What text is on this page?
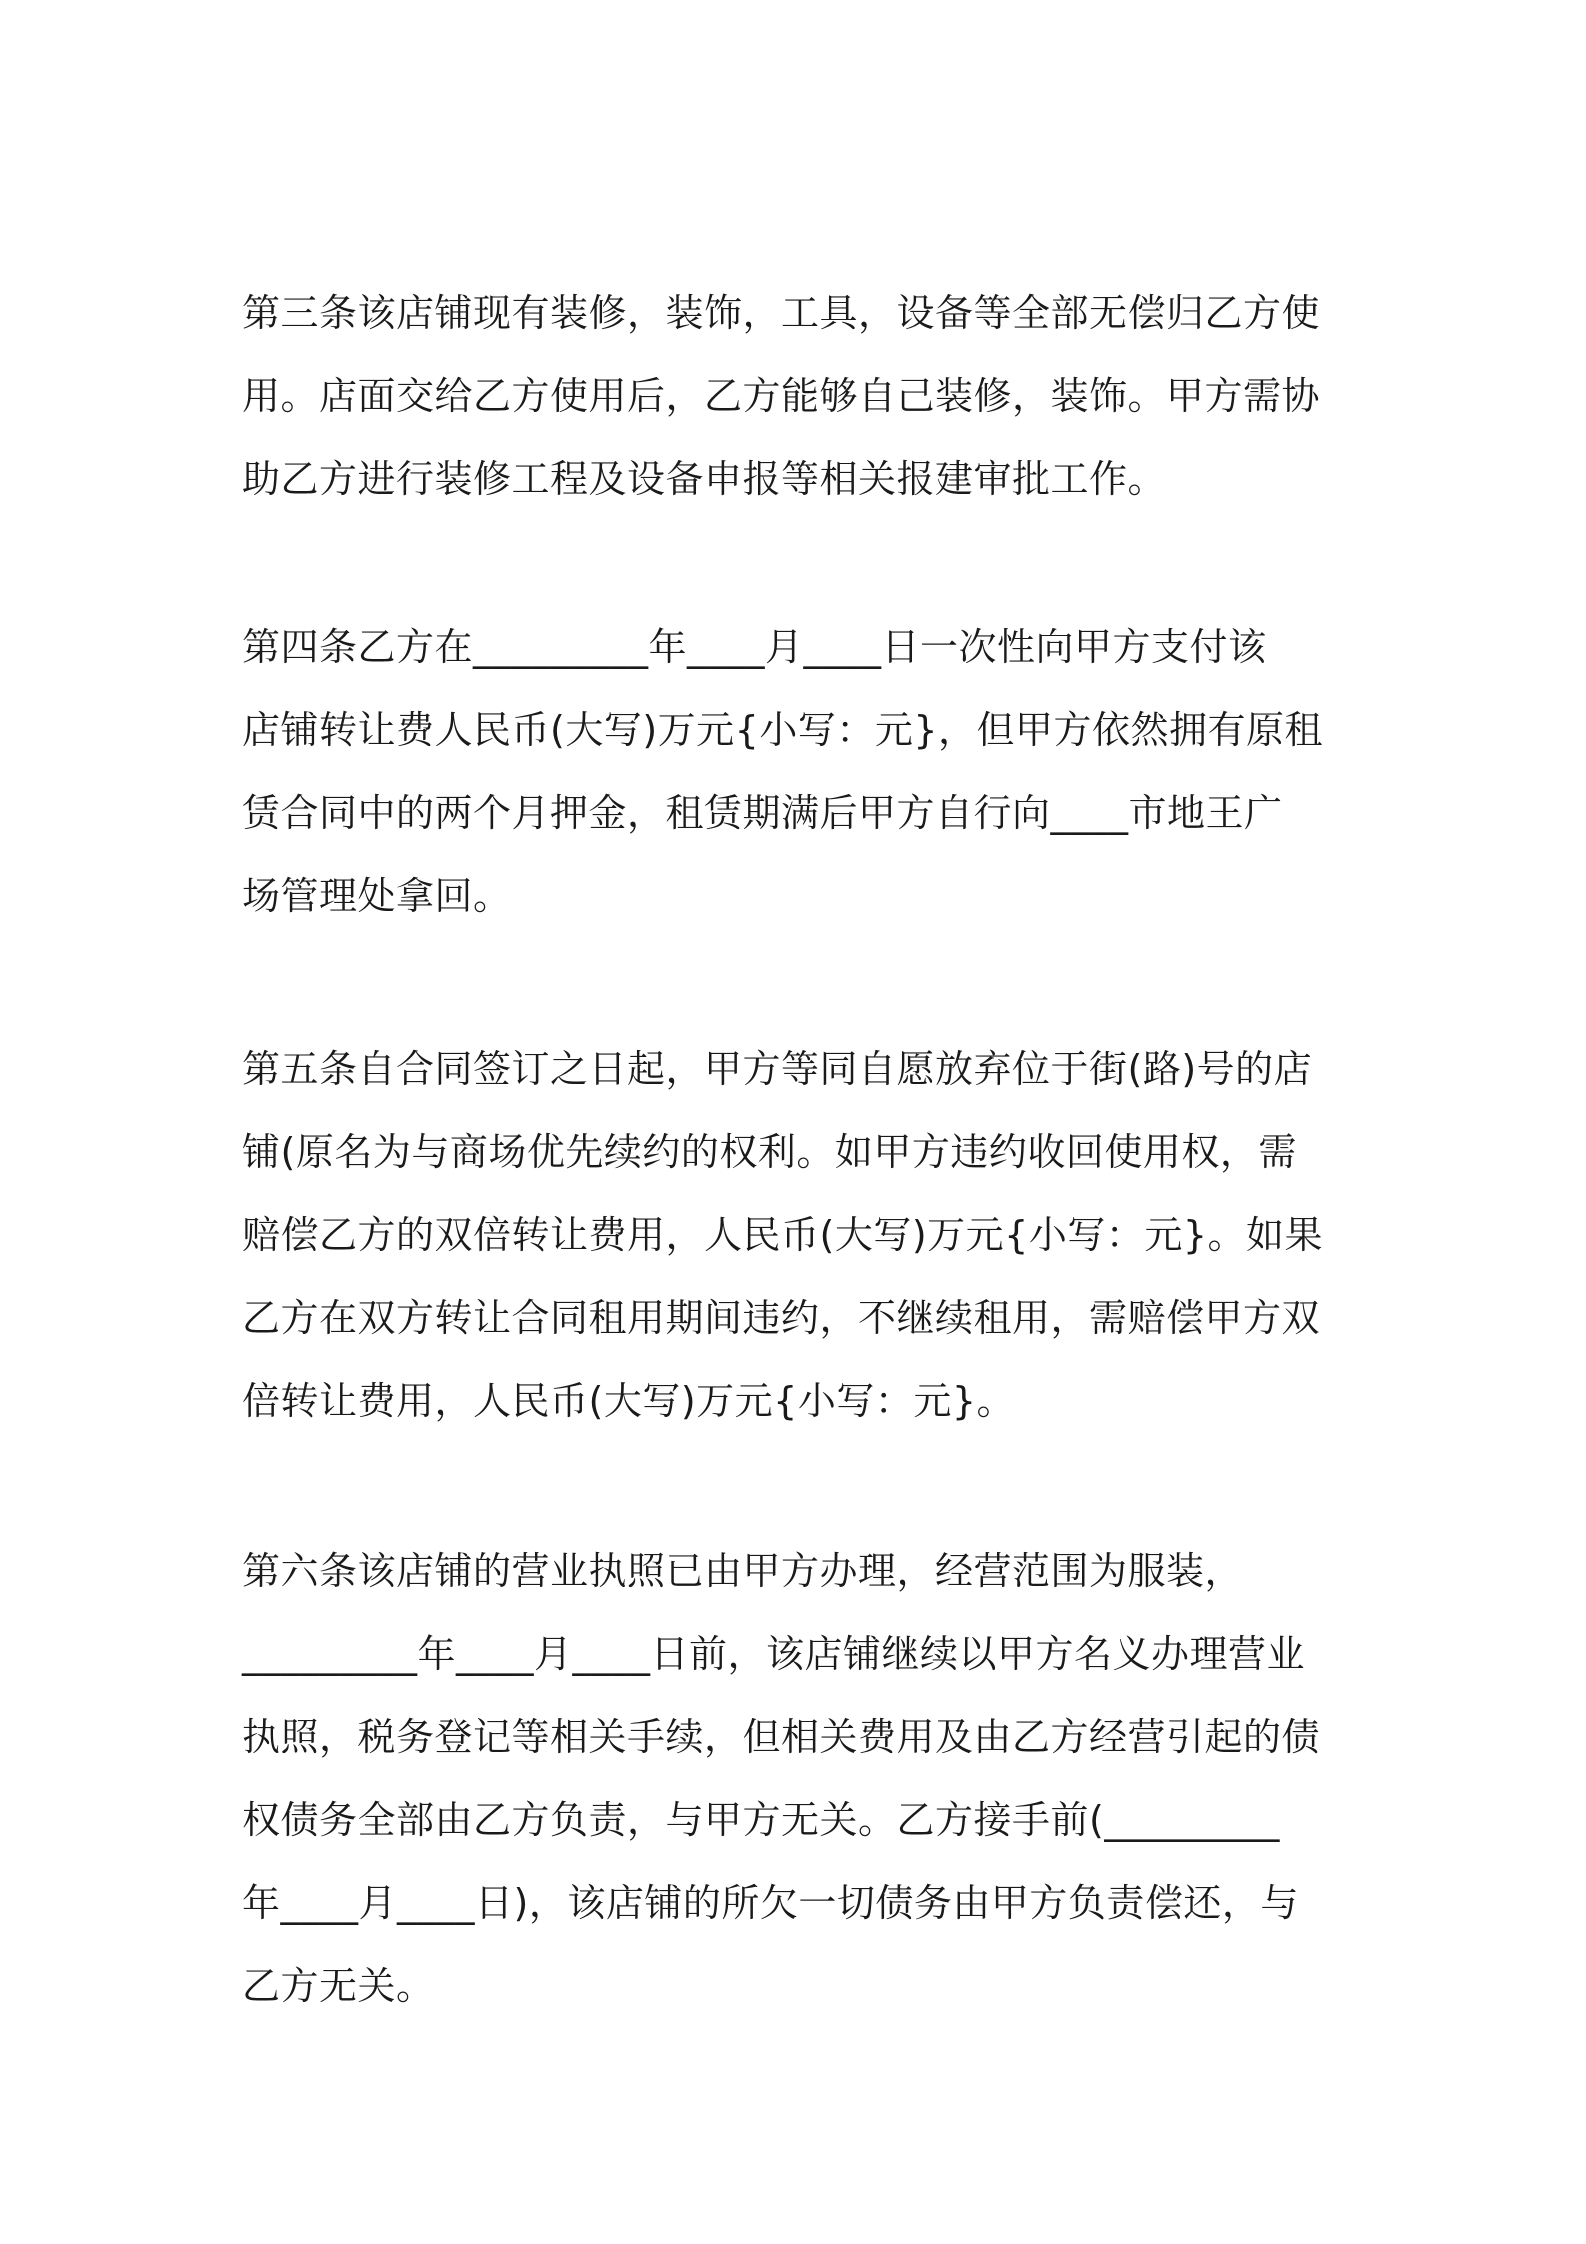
第三条该店铺现有装修，装饰，工具，设备等全部无偿归乙方使
用。店面交给乙方使用后，乙方能够自己装修，装饰。甲方需协
助乙方进行装修工程及设备申报等相关报建审批工作。
第四条乙方在_________年____月____日一次性向甲方支付该
店铺转让费人民币(大写)万元{小写：元}，但甲方依然拥有原租
赁合同中的两个月押金，租赁期满后甲方自行向____市地王广
场管理处拿回。
第五条自合同签订之日起，甲方等同自愿放弃位于街(路)号的店
铺(原名为与商场优先续约的权利。如甲方违约收回使用权，需
赔偿乙方的双倍转让费用，人民币(大写)万元{小写：元}。如果
乙方在双方转让合同租用期间违约，不继续租用，需赔偿甲方双
倍转让费用，人民币(大写)万元{小写：元}。
第六条该店铺的营业执照已由甲方办理，经营范围为服装，
_________年____月____日前，该店铺继续以甲方名义办理营业
执照，税务登记等相关手续，但相关费用及由乙方经营引起的债
权债务全部由乙方负责，与甲方无关。乙方接手前(_________
年____月____日)，该店铺的所欠一切债务由甲方负责偿还，与
乙方无关。
